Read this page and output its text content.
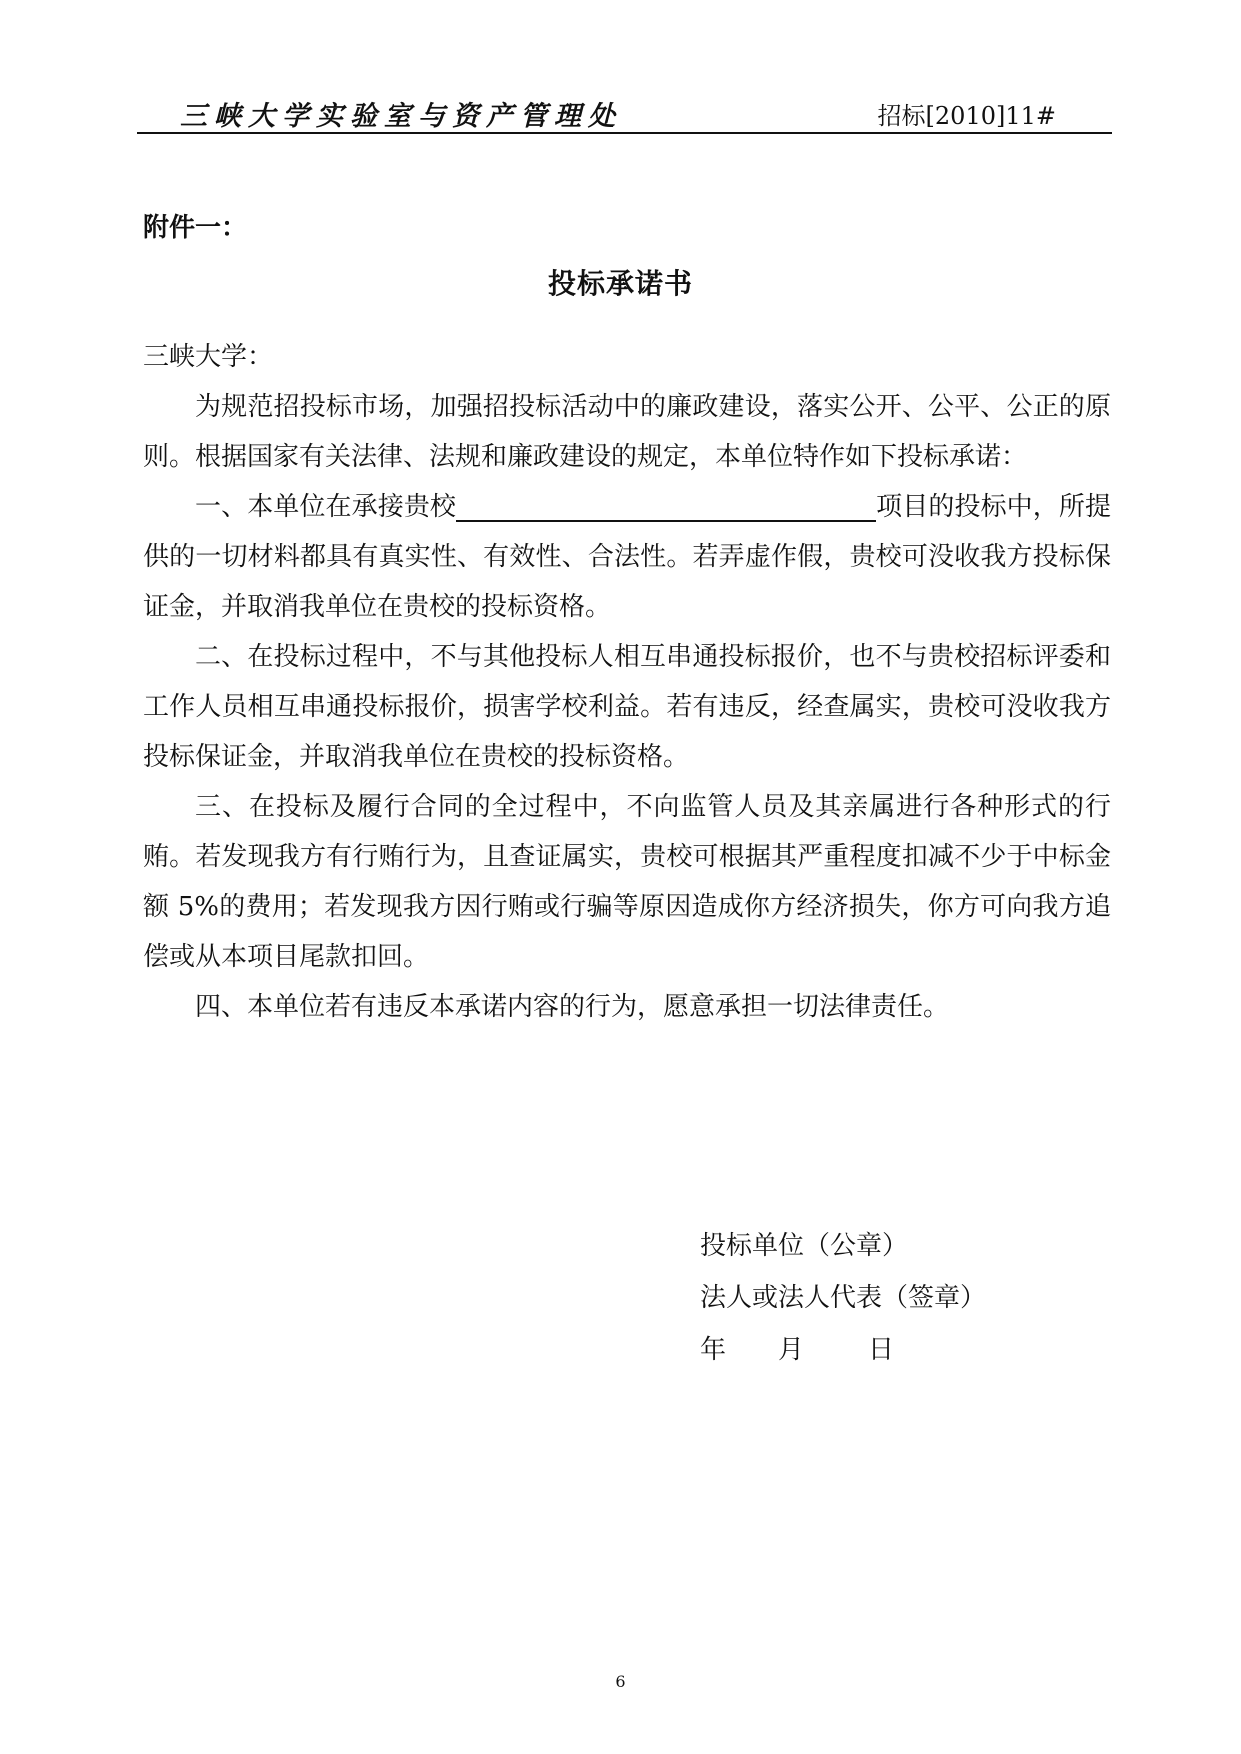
三峡大学实验室与资产管理处	招标[2010]11#
附件一：
投标承诺书

三峡大学：

为规范招投标市场，加强招投标活动中的廉政建设，落实公开、公平、公正的原则。根据国家有关法律、法规和廉政建设的规定，本单位特作如下投标承诺：

一、本单位在承接贵校	项目的投标中，所提供的一切材料都具有真实性、有效性、合法性。若弄虚作假，贵校可没收我方投标保证金，并取消我单位在贵校的投标资格。

二、在投标过程中，不与其他投标人相互串通投标报价，也不与贵校招标评委和工作人员相互串通投标报价，损害学校利益。若有违反，经查属实，贵校可没收我方投标保证金，并取消我单位在贵校的投标资格。

三、在投标及履行合同的全过程中，不向监管人员及其亲属进行各种形式的行贿。若发现我方有行贿行为，且查证属实，贵校可根据其严重程度扣减不少于中标金额 5%的费用；若发现我方因行贿或行骗等原因造成你方经济损失，你方可向我方追偿或从本项目尾款扣回。

四、本单位若有违反本承诺内容的行为，愿意承担一切法律责任。

投标单位（公章）
法人或法人代表（签章）
年 月 日
6
